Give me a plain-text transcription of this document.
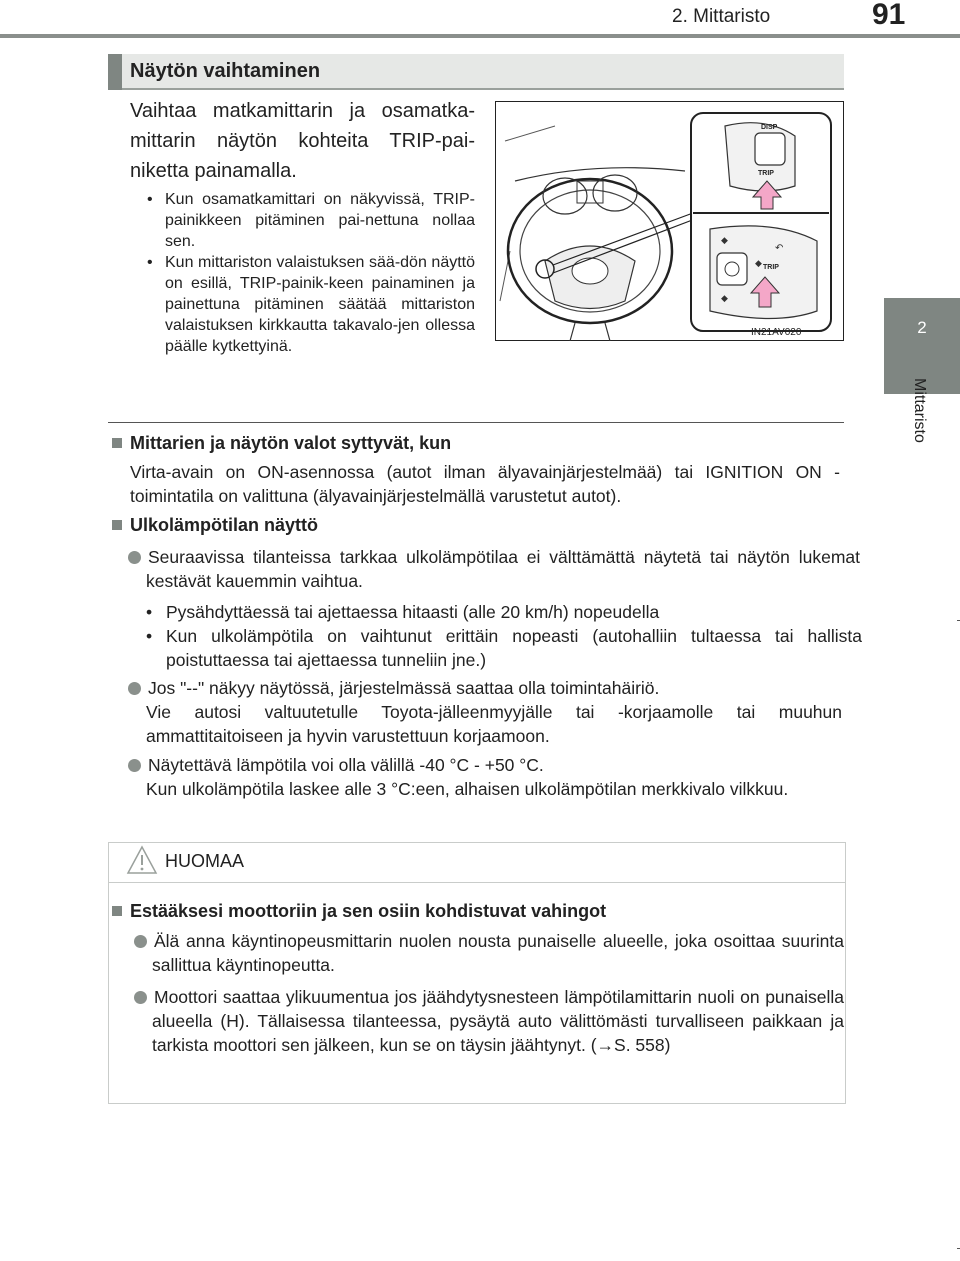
2. Mittaristo	91
2
Mittaristo
Näytön vaihtaminen
Vaihtaa matkamittarin ja osamatka-mittarin näytön kohteita TRIP-pai-niketta painamalla.
• Kun osamatkamittari on näkyvissä, TRIP-painikkeen pitäminen pai-nettuna nollaa sen.
• Kun mittariston valaistuksen sää-dön näyttö on esillä, TRIP-painik-keen painaminen ja painettuna pitäminen säätää mittariston valaistuksen kirkkautta takavalo-jen ollessa päälle kytkettyinä.
DISP
TRIP
◆
◆
◆
↶
TRIP
IN21AV020
Mittarien ja näytön valot syttyvät, kun
Virta-avain on ON-asennossa (autot ilman älyavainjärjestelmää) tai IGNITION ON -toimintatila on valittuna (älyavainjärjestelmällä varustetut autot).
Ulkolämpötilan näyttö
Seuraavissa tilanteissa tarkkaa ulkolämpötilaa ei välttämättä näytetä tai näytön lukemat kestävät kauemmin vaihtua.
• Pysähdyttäessä tai ajettaessa hitaasti (alle 20 km/h) nopeudella
• Kun ulkolämpötila on vaihtunut erittäin nopeasti (autohalliin tultaessa tai hallista poistuttaessa tai ajettaessa tunneliin jne.)
Jos "--" näkyy näytössä, järjestelmässä saattaa olla toimintahäiriö.
Vie autosi valtuutetulle Toyota-jälleenmyyjälle tai -korjaamolle tai muuhun ammattitaitoiseen ja hyvin varustettuun korjaamoon.
Näytettävä lämpötila voi olla välillä -40 °C - +50 °C.
Kun ulkolämpötila laskee alle 3 °C:een, alhaisen ulkolämpötilan merkkivalo vilkkuu.
HUOMAA
Estääksesi moottoriin ja sen osiin kohdistuvat vahingot
Älä anna käyntinopeusmittarin nuolen nousta punaiselle alueelle, joka osoittaa suurinta sallittua käyntinopeutta.
Moottori saattaa ylikuumentua jos jäähdytysnesteen lämpötilamittarin nuoli on punaisella alueella (H). Tällaisessa tilanteessa, pysäytä auto välittömästi turvalliseen paikkaan ja tarkista moottori sen jälkeen, kun se on täysin jäähtynyt. (→S. 558)
